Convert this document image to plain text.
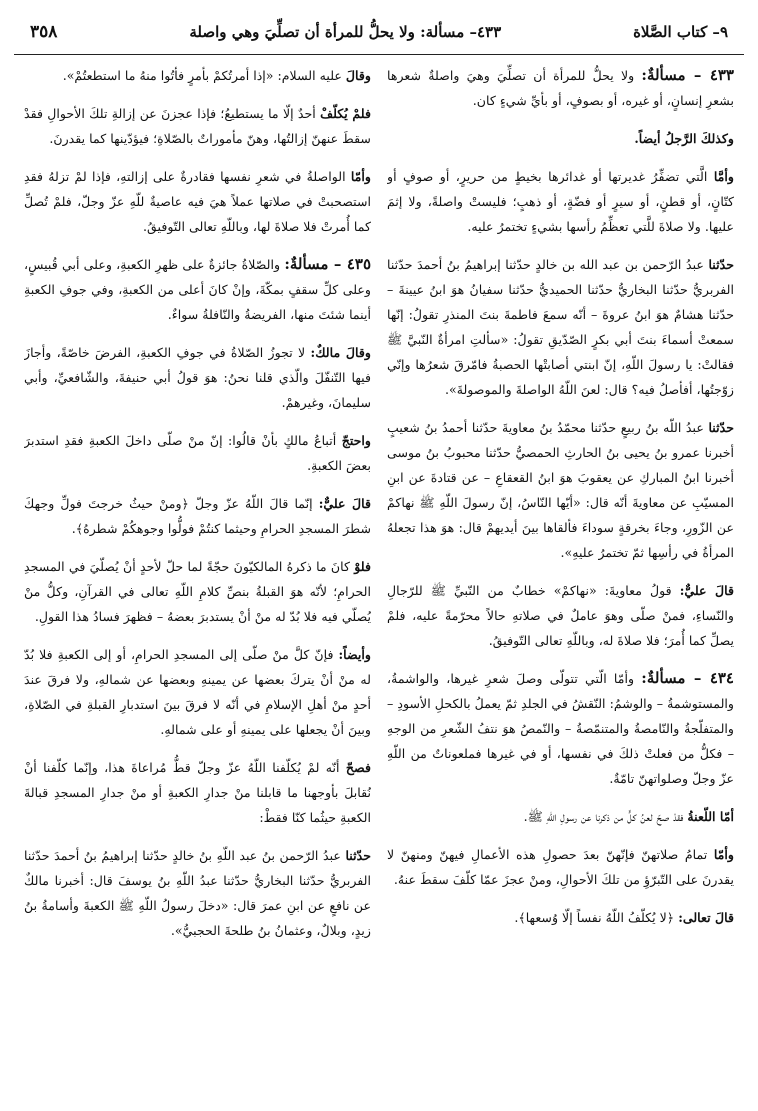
٩– كتاب الصَّلاة
٤٣٣– مسألة: ولا يحلُّ للمرأة أن تصلِّيَ وهي واصلة
٣٥٨

٤٣٣ – مسألةٌ: ولا يحلُّ للمرأة أن تصلِّيَ وهيَ واصلةٌ شعرها بشعرِ إنسانٍ، أو غيره، أو بصوفٍ، أو بأيِّ شيءٍ كان.

وكذلكَ الرَّجلُ أيضاً.

وأمَّا الَّتي تضفِّرُ غديرتها أو غدائرها بخيطٍ من حريرٍ، أو صوفٍ أو كتّانٍ، أو قطنٍ، أو سيرٍ أو فضّةٍ، أو ذهبٍ؛ فليستْ واصلةً، ولا إثمَ عليها. ولا صلاةَ للَّتي تعظِّمُ رأسها بشيءٍ تختمرُ عليه.

حدّثنا عبدُ الرّحمن بن عبد الله بن خالدٍ حدّثنا إبراهيمُ بنُ أحمدَ حدّثنا الفربريُّ حدّثنا البخاريُّ حدّثنا الحميديُّ حدّثنا سفيانُ هوَ ابنُ عيينةَ – حدّثنا هشامٌ هوَ ابنُ عروةَ – أنّه سمعَ فاطمةَ بنتَ المنذرِ تقولُ: إنّها سمعتْ أسماءَ بنتَ أبي بكرٍ الصّدّيقِ تقولُ: «سألتِ امرأةٌ النّبيَّ ﷺ فقالتْ: يا رسولَ اللّهِ، إنّ ابنتي أصابتْها الحصبةُ فامّرقَ شعرُها وإنّي زوّجتُها، أفأصلُ فيه؟ قال: لعنَ اللّهُ الواصلةَ والموصولةَ».

حدّثنا عبدُ اللّه بنُ ربيعٍ حدّثنا محمّدُ بنُ معاويةَ حدّثنا أحمدُ بنُ شعيبٍ أخبرنا عمرو بنُ يحيى بنُ الحارثِ الحمصيُّ حدّثنا محبوبُ بنُ موسى أخبرنا ابنُ المباركِ عن يعقوبَ هوَ ابنُ القعقاعِ – عن قتادةَ عن ابنِ المسيّبِ عن معاويةَ أنّه قال: «أيّها النّاسُ، إنّ رسولَ اللّهِ ﷺ نهاكمْ عن الزّورِ، وجاءَ بخرقةٍ سوداءَ فألقاها بينَ أيديهمْ قال: هوَ هذا تجعلهُ المرأةُ في رأسِها ثمّ تختمرُ عليهِ».

قالَ عليٌّ: قولُ معاويةَ: «نهاكمْ» خطابٌ من النّبيِّ ﷺ للرّجالِ والنّساءِ، فمنْ صلّى وهوَ عاملٌ في صلاتهِ حالاً محرّمةً عليه، فلمْ يصلِّ كما أُمرَ؛ فلا صلاةَ له، وباللّهِ تعالى التّوفيقُ.

٤٣٤ – مسألةٌ: وأمّا الّتي تتولّى وصلَ شعرِ غيرها، والواشمةُ، والمستوشمةُ – والوشمُ: النّقشُ في الجلدِ ثمّ يعملُ بالكحلِ الأسودِ – والمتفلّجةُ والنّامصةُ والمتنمّصةُ – والنّمصُ هوَ نتفُ الشّعرِ من الوجهِ – فكلُّ من فعلتْ ذلكَ في نفسها، أو في غيرها فملعوناتٌ من اللّهِ عزّ وجلّ وصلواتهنّ تامّةٌ.

أمّا اللّعنةُ فقدْ صحّ لعنُ كلٍّ من ذكرنا عن رسولِ اللّهِ ﷺ.

وأمّا تمامُ صلاتهنّ فإنّهنّ بعدَ حصولِ هذه الأعمالِ فيهنّ ومنهنّ لا يقدرنَ على التّبرّؤِ من تلكَ الأحوالِ، ومنْ عجزَ عمّا كلّفَ سقطَ عنهُ.

قالَ تعالى: ﴿لا يُكلّفُ اللّهُ نفساً إلّا وُسعها﴾.

وقالَ عليه السلام: «إذا أمرتُكمْ بأمرٍ فأتُوا منهُ ما استطعتُمْ».

فلمْ يُكلّفْ أحدٌ إلّا ما يستطيعُ؛ فإذا عجزنَ عن إزالةِ تلكَ الأحوالِ فقدْ سقطَ عنهنّ إزالتُها، وهنّ مأموراتٌ بالصّلاةِ؛ فيؤدّينها كما يقدرنَ.

وأمّا الواصلةُ في شعرِ نفسها فقادرةٌ على إزالتهِ، فإذا لمْ تزلهُ فقدِ استصحبتْ في صلاتها عملاً هيَ فيه عاصيةٌ للّهِ عزّ وجلّ، فلمْ تُصلِّ كما أُمرتْ فلا صلاةَ لها، وباللّهِ تعالى التّوفيقُ.

٤٣٥ – مسألةٌ: والصّلاةُ جائزةٌ على ظهرِ الكعبةِ، وعلى أبي قُبيسٍ، وعلى كلِّ سقفٍ بمكّةَ، وإنْ كانَ أعلى من الكعبةِ، وفي جوفِ الكعبةِ أينما شئتَ منها، الفريضةُ والنّافلةُ سواءٌ.

وقالَ مالكٌ: لا تجوزُ الصّلاةُ في جوفِ الكعبةِ، الفرضَ خاصّةً، وأجازَ فيها التّنفّلَ والّذي قلنا نحنُ: هوَ قولُ أبي حنيفةَ، والشّافعيِّ، وأبي سليمانَ، وغيرهمْ.

واحتجّ أتباعُ مالكٍ بأنْ قالُوا: إنّ منْ صلّى داخلَ الكعبةِ فقدِ استدبرَ بعضَ الكعبةِ.

قالَ عليٌّ: إنّما قالَ اللّهُ عزّ وجلّ ﴿ومنْ حيثُ خرجتَ فولِّ وجهكَ شطرَ المسجدِ الحرامِ وحيثما كنتُمْ فولُّوا وجوهكُمْ شطرهُ﴾.

فلوْ كانَ ما ذكرهُ المالكيّونَ حجّةً لما حلّ لأحدٍ أنْ يُصلّيَ في المسجدِ الحرامِ؛ لأنّه هوَ القبلةُ بنصِّ كلامِ اللّهِ تعالى في القرآنِ، وكلُّ منْ يُصلّي فيه فلا بُدّ له منْ أنْ يستدبرَ بعضهُ – فظهرَ فسادُ هذا القولِ.

وأيضاً: فإنّ كلَّ منْ صلّى إلى المسجدِ الحرامِ، أو إلى الكعبةِ فلا بُدّ له منْ أنْ يتركَ بعضها عن يمينهِ وبعضها عن شمالهِ، ولا فرقَ عندَ أحدٍ منْ أهلِ الإسلامِ في أنّه لا فرقَ بينَ استدبارِ القبلةِ في الصّلاةِ، وبينَ أنْ يجعلها على يمينهِ أو على شمالهِ.

فصحّ أنّه لمْ يُكلّفنا اللّهُ عزّ وجلّ قطُّ مُراعاةَ هذا، وإنّما كلّفنا أنْ نُقابلَ بأوجهنا ما قابلنا منْ جدارِ الكعبةِ أو منْ جدارِ المسجدِ قبالةَ الكعبةِ حيثُما كنّا فقطْ:

حدّثنا عبدُ الرّحمن بنُ عبد اللّهِ بنُ خالدٍ حدّثنا إبراهيمُ بنُ أحمدَ حدّثنا الفربريُّ حدّثنا البخاريُّ حدّثنا عبدُ اللّهِ بنُ يوسفَ قال: أخبرنا مالكٌ عن نافعٍ عن ابنِ عمرَ قال: «دخلَ رسولُ اللّهِ ﷺ الكعبةَ وأسامةُ بنُ زيدٍ، وبلالٌ، وعثمانُ بنُ طلحةَ الحجبيُّ».
